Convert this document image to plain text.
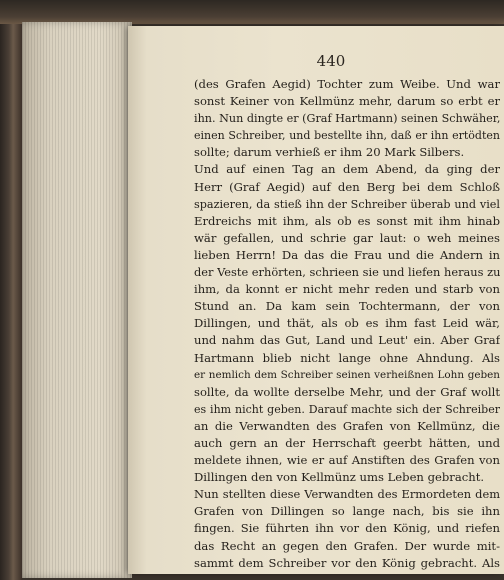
440
(des Grafen Aegid) Tochter zum Weibe. Und war
sonst Keiner von Kellmünz mehr, darum so erbt er
ihn. Nun dingte er (Graf Hartmann) seinen Schwäher,
einen Schreiber, und bestellte ihn, daß er ihn ertödten
sollte; darum verhieß er ihm 20 Mark Silbers.
Und auf einen Tag an dem Abend, da ging der
Herr (Graf Aegid) auf den Berg bei dem Schloß
spazieren, da stieß ihn der Schreiber überab und viel
Erdreichs mit ihm, als ob es sonst mit ihm hinab
wär gefallen, und schrie gar laut: o weh meines
lieben Herrn! Da das die Frau und die Andern in
der Veste erhörten, schrieen sie und liefen heraus zu
ihm, da konnt er nicht mehr reden und starb von
Stund an. Da kam sein Tochtermann, der von
Dillingen, und thät, als ob es ihm fast Leid wär,
und nahm das Gut, Land und Leut' ein. Aber Graf
Hartmann blieb nicht lange ohne Ahndung. Als
er nemlich dem Schreiber seinen verheißnen Lohn geben
sollte, da wollte derselbe Mehr, und der Graf wollt
es ihm nicht geben. Darauf machte sich der Schreiber
an die Verwandten des Grafen von Kellmünz, die
auch gern an der Herrschaft geerbt hätten, und
meldete ihnen, wie er auf Anstiften des Grafen von
Dillingen den von Kellmünz ums Leben gebracht.
Nun stellten diese Verwandten des Ermordeten dem
Grafen von Dillingen so lange nach, bis sie ihn
fingen. Sie führten ihn vor den König, und riefen
das Recht an gegen den Grafen. Der wurde mit-
sammt dem Schreiber vor den König gebracht. Als
